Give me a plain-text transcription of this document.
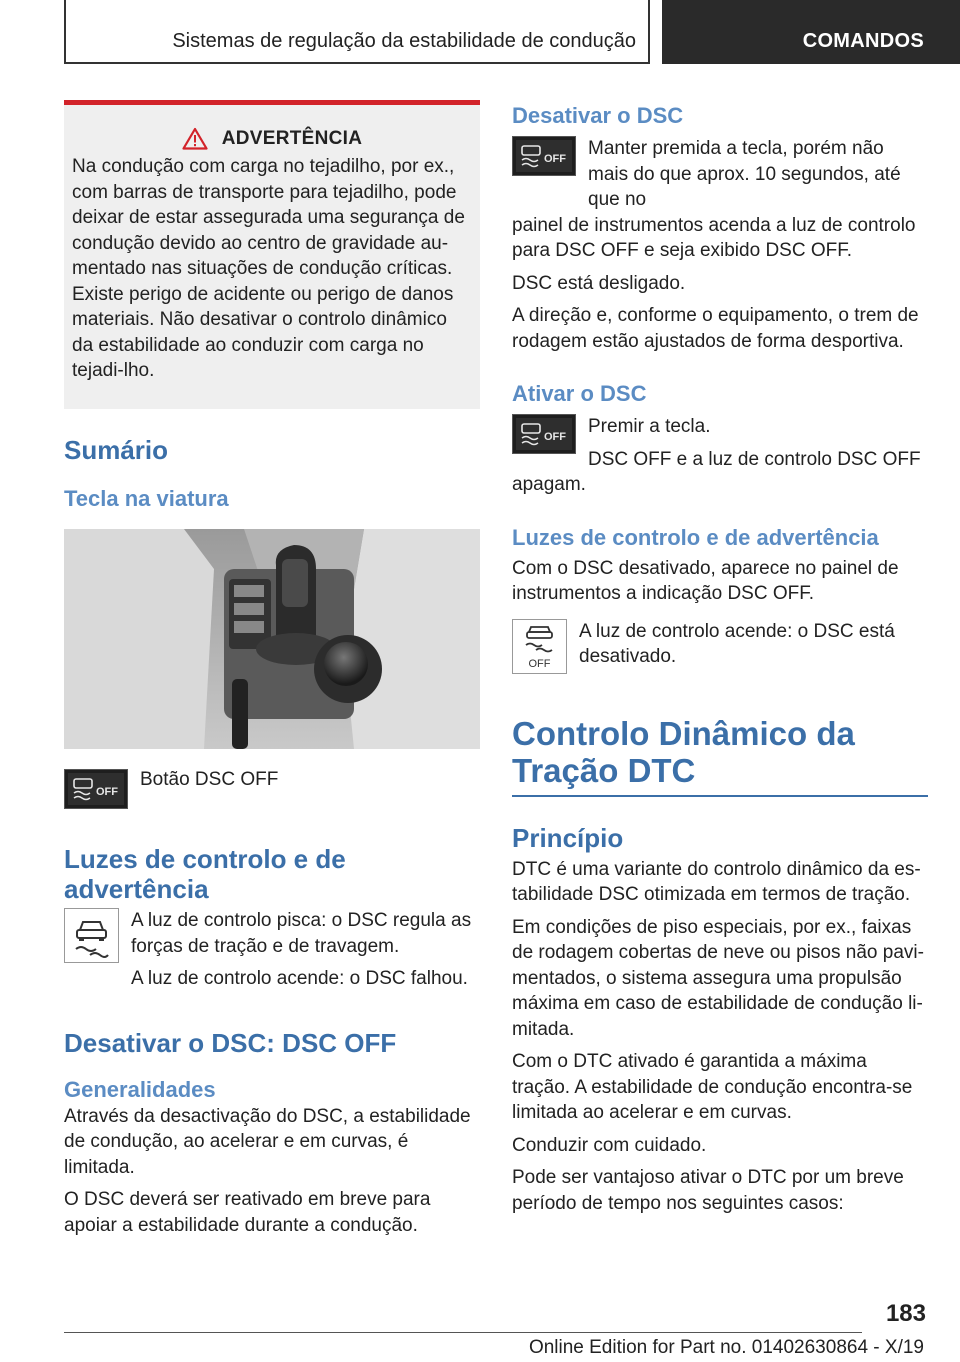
Sistemas de regulação da estabilidade de condução	COMANDOS
ADVERTÊNCIA

Na condução com carga no tejadilho, por ex., com barras de transporte para tejadilho, pode deixar de estar assegurada uma segurança de condução devido ao centro de gravidade au-mentado nas situações de condução críticas. Existe perigo de acidente ou perigo de danos materiais. Não desativar o controlo dinâmico da estabilidade ao conduzir com carga no tejadi-lho.

Sumário
Tecla na viatura
OFF

Botão DSC OFF

Luzes de controlo e de advertência

A luz de controlo pisca: o DSC regula as forças de tração e de travagem.

A luz de controlo acende: o DSC falhou.

Desativar o DSC: DSC OFF
Generalidades

Através da desactivação do DSC, a estabilidade de condução, ao acelerar e em curvas, é limitada.

O DSC deverá ser reativado em breve para apoiar a estabilidade durante a condução.

Desativar o DSC
OFF Manter premida a tecla, porém não mais do que aprox. 10 segundos, até que no

painel de instrumentos acenda a luz de controlo para DSC OFF e seja exibido DSC OFF.

DSC está desligado.

A direção e, conforme o equipamento, o trem de rodagem estão ajustados de forma desportiva.

Ativar o DSC
OFF Premir a tecla.

DSC OFF e a luz de controlo DSC OFF

apagam.

Luzes de controlo e de advertência

Com o DSC desativado, aparece no painel de instrumentos a indicação DSC OFF.

OFF

A luz de controlo acende: o DSC está desativado.

Controlo Dinâmico da Tração DTC
Princípio

DTC é uma variante do controlo dinâmico da es-tabilidade DSC otimizada em termos de tração.

Em condições de piso especiais, por ex., faixas de rodagem cobertas de neve ou pisos não pavi-mentados, o sistema assegura uma propulsão máxima em caso de estabilidade de condução li-mitada.

Com o DTC ativado é garantida a máxima tração. A estabilidade de condução encontra-se limitada ao acelerar e em curvas.

Conduzir com cuidado.

Pode ser vantajoso ativar o DTC por um breve período de tempo nos seguintes casos:

183
Online Edition for Part no. 01402630864 - X/19
